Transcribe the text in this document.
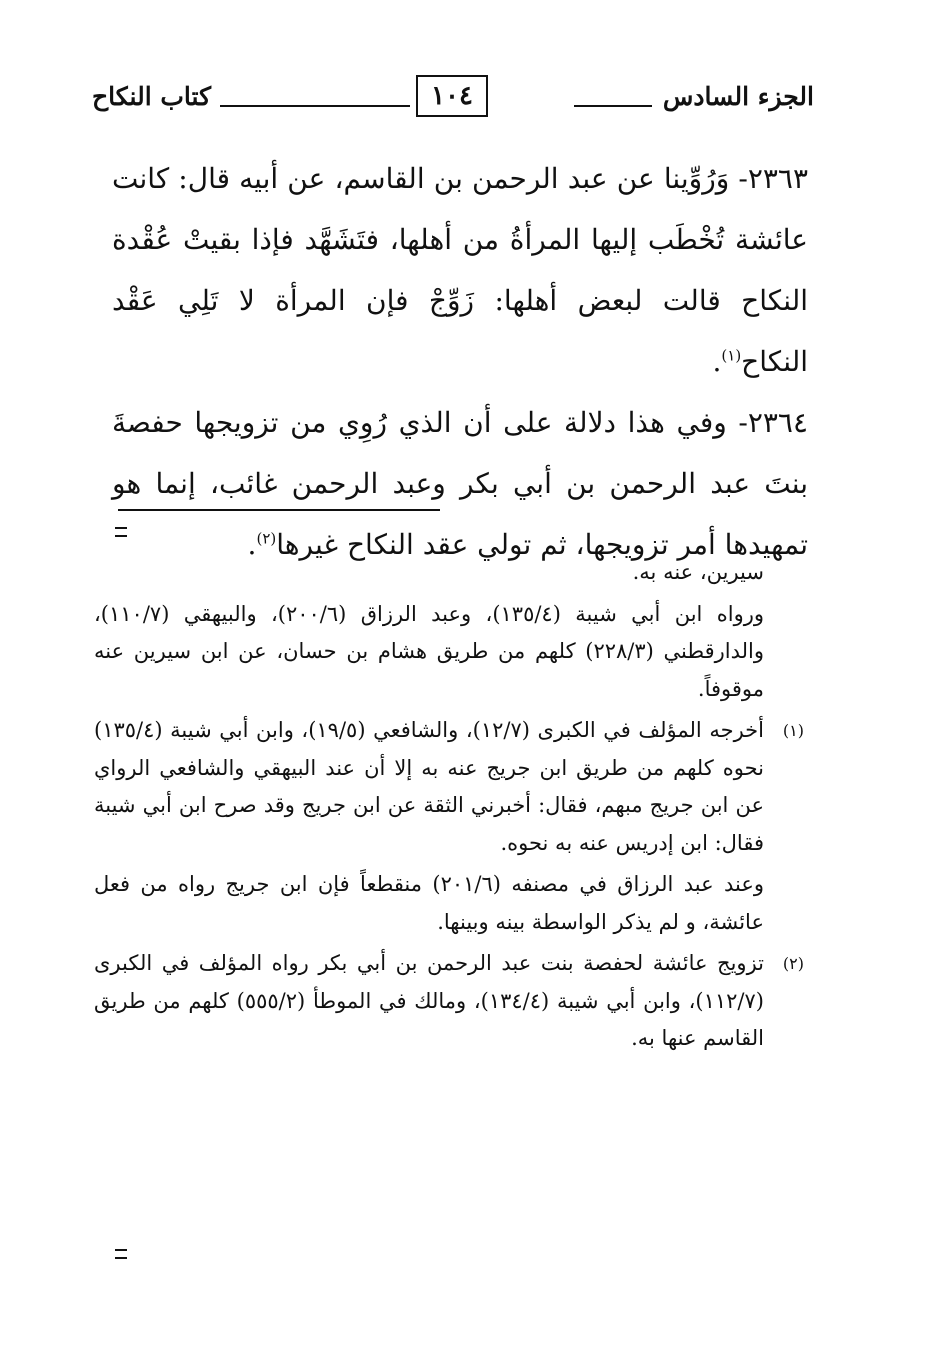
الجزء السادس
١٠٤
كتاب النكاح

٢٣٦٣- وَرُوِّينا عن عبد الرحمن بن القاسم، عن أبيه قال: كانت عائشة تُخْطَب إليها المرأةُ من أهلها، فتَشَهَّد فإذا بقيتْ عُقْدة النكاح قالت لبعض أهلها: زَوِّجْ فإن المرأة لا تَلِي عَقْد النكاح$^{(١)}$.

٢٣٦٤- وفي هذا دلالة على أن الذي رُوِي من تزويجها حفصةَ بنتَ عبد الرحمن بن أبي بكر وعبد الرحمن غائب، إنما هو تمهيدها أمر تزويجها، ثم تولي عقد النكاح غيرها$^{(٢)}$.

سيرين، عنه به.

ورواه ابن أبي شيبة (١٣٥/٤)، وعبد الرزاق (٢٠٠/٦)، والبيهقي (١١٠/٧)، والدارقطني (٢٢٨/٣) كلهم من طريق هشام بن حسان، عن ابن سيرين عنه موقوفاً.

(١)
أخرجه المؤلف في الكبرى (١٢/٧)، والشافعي (١٩/٥)، وابن أبي شيبة (١٣٥/٤) نحوه كلهم من طريق ابن جريج عنه به إلا أن عند البيهقي والشافعي الرواي عن ابن جريج مبهم، فقال: أخبرني الثقة عن ابن جريج وقد صرح ابن أبي شيبة فقال: ابن إدريس عنه به نحوه.

وعند عبد الرزاق في مصنفه (٢٠١/٦) منقطعاً فإن ابن جريج رواه من فعل عائشة، و لم يذكر الواسطة بينه وبينها.

(٢)
تزويج عائشة لحفصة بنت عبد الرحمن بن أبي بكر رواه المؤلف في الكبرى (١١٢/٧)، وابن أبي شيبة (١٣٤/٤)، ومالك في الموطأ (٥٥٥/٢) كلهم من طريق القاسم عنها به.
